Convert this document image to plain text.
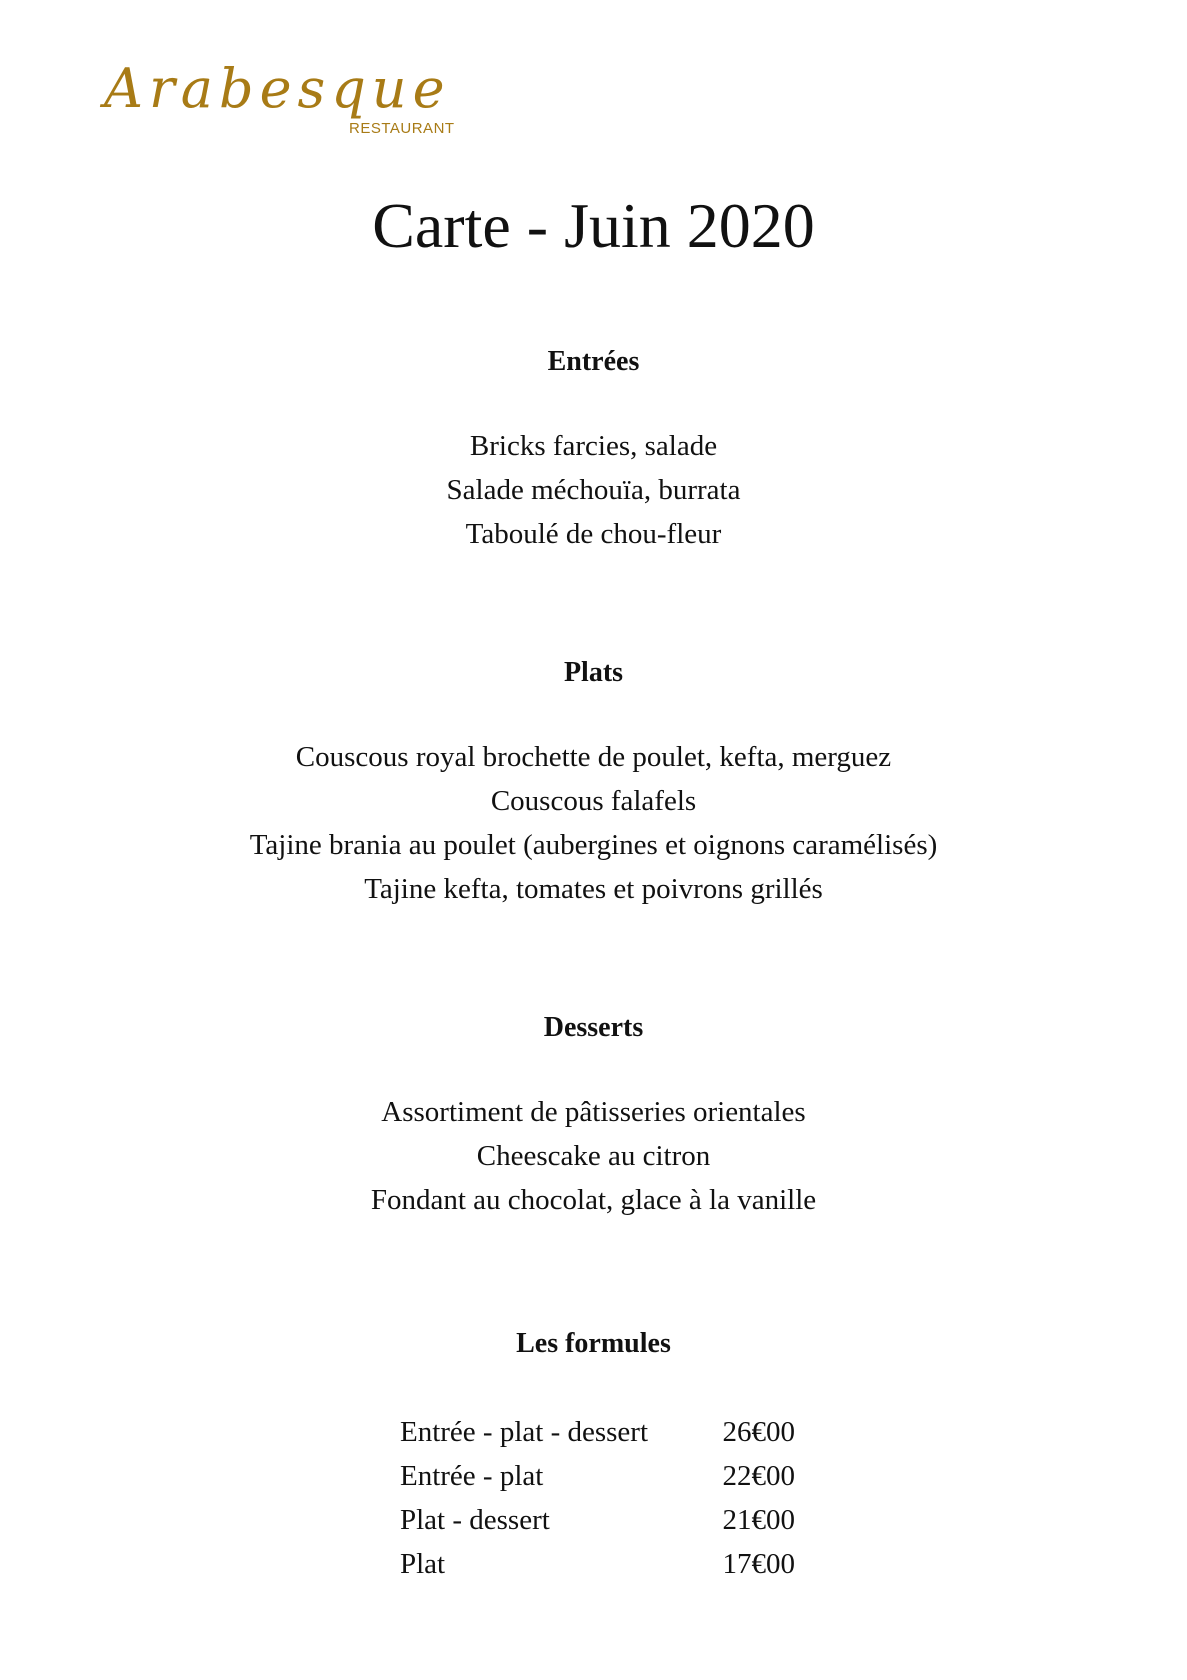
Arabesque
RESTAURANT
Carte - Juin 2020
Entrées
Bricks farcies, salade
Salade méchouïa, burrata
Taboulé de chou-fleur
Plats
Couscous royal brochette de poulet, kefta, merguez
Couscous falafels
Tajine brania au poulet (aubergines et oignons caramélisés)
Tajine kefta, tomates et poivrons grillés
Desserts
Assortiment de pâtisseries orientales
Cheescake au citron
Fondant au chocolat, glace à la vanille
Les formules
Entrée - plat - dessert	26€00
Entrée - plat	22€00
Plat - dessert	21€00
Plat	17€00
